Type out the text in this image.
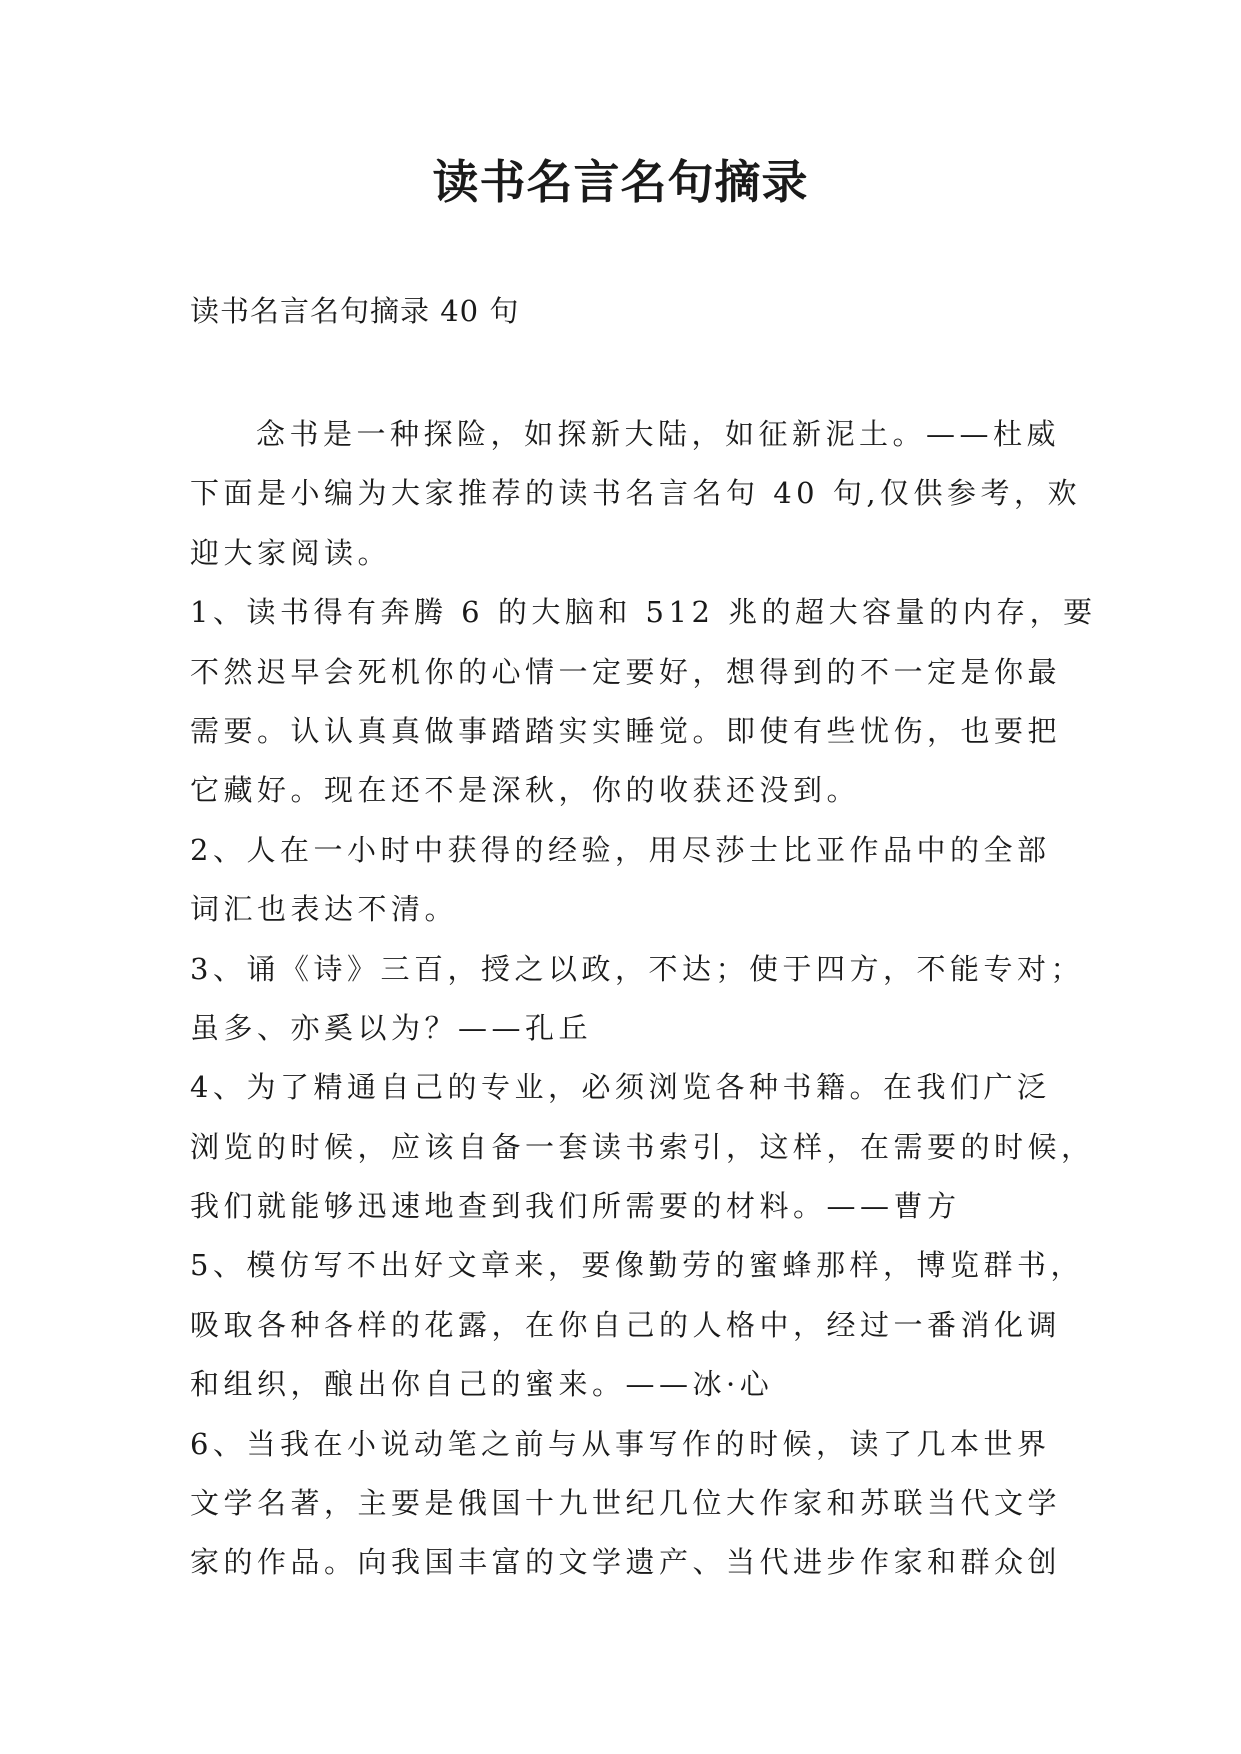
读书名言名句摘录
读书名言名句摘录 40 句
念书是一种探险，如探新大陆，如征新泥土。——杜威
下面是小编为大家推荐的读书名言名句 40 句,仅供参考，欢
迎大家阅读。
1、读书得有奔腾 6 的大脑和 512 兆的超大容量的内存，要
不然迟早会死机你的心情一定要好，想得到的不一定是你最
需要。认认真真做事踏踏实实睡觉。即使有些忧伤，也要把
它藏好。现在还不是深秋，你的收获还没到。
2、人在一小时中获得的经验，用尽莎士比亚作品中的全部
词汇也表达不清。
3、诵《诗》三百，授之以政，不达；使于四方，不能专对；
虽多、亦奚以为？——孔丘
4、为了精通自己的专业，必须浏览各种书籍。在我们广泛
浏览的时候，应该自备一套读书索引，这样，在需要的时候，
我们就能够迅速地查到我们所需要的材料。——曹方
5、模仿写不出好文章来，要像勤劳的蜜蜂那样，博览群书，
吸取各种各样的花露，在你自己的人格中，经过一番消化调
和组织，酿出你自己的蜜来。——冰·心
6、当我在小说动笔之前与从事写作的时候，读了几本世界
文学名著，主要是俄国十九世纪几位大作家和苏联当代文学
家的作品。向我国丰富的文学遗产、当代进步作家和群众创
